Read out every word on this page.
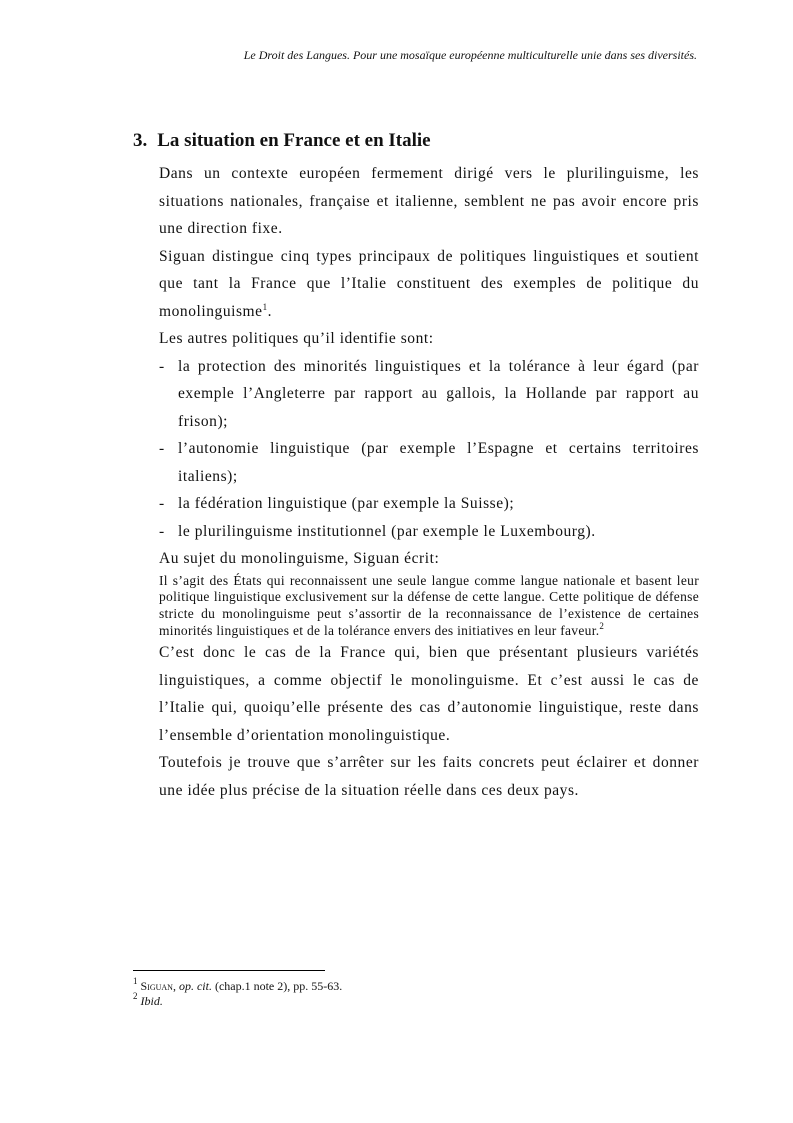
Le Droit des Langues. Pour une mosaïque européenne multiculturelle unie dans ses diversités.
3. La situation en France et en Italie

Dans un contexte européen fermement dirigé vers le plurilinguisme, les situations nationales, française et italienne, semblent ne pas avoir encore pris une direction fixe.

Siguan distingue cinq types principaux de politiques linguistiques et soutient que tant la France que l’Italie constituent des exemples de politique du monolinguisme$^1$.

Les autres politiques qu’il identifie sont:

- la protection des minorités linguistiques et la tolérance à leur égard (par exemple l’Angleterre par rapport au gallois, la Hollande par rapport au frison);
- l’autonomie linguistique (par exemple l’Espagne et certains territoires italiens);
- la fédération linguistique (par exemple la Suisse);
- le plurilinguisme institutionnel (par exemple le Luxembourg).

Au sujet du monolinguisme, Siguan écrit:

Il s’agit des États qui reconnaissent une seule langue comme langue nationale et basent leur politique linguistique exclusivement sur la défense de cette langue. Cette politique de défense stricte du monolinguisme peut s’assortir de la reconnaissance de l’existence de certaines minorités linguistiques et de la tolérance envers des initiatives en leur faveur.$^2$

C’est donc le cas de la France qui, bien que présentant plusieurs variétés linguistiques, a comme objectif le monolinguisme. Et c’est aussi le cas de l’Italie qui, quoiqu’elle présente des cas d’autonomie linguistique, reste dans l’ensemble d’orientation monolinguistique.

Toutefois je trouve que s’arrêter sur les faits concrets peut éclairer et donner une idée plus précise de la situation réelle dans ces deux pays.

$^1$ Siguan, op. cit. (chap.1 note 2), pp. 55-63.
$^2$ Ibid.
